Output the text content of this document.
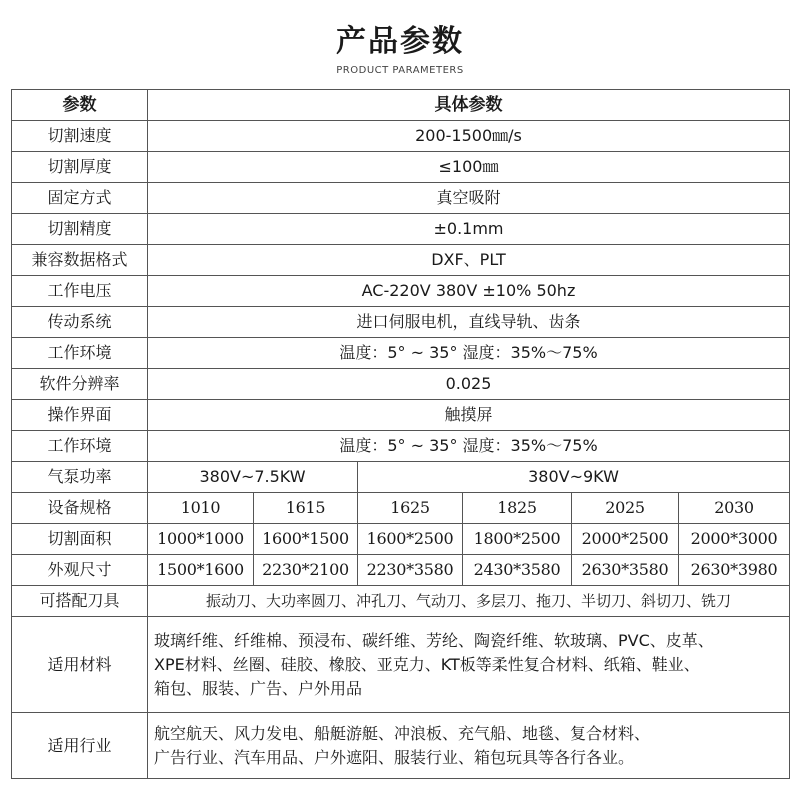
产品参数
PRODUCT PARAMETERS
参数	具体参数					
切割速度	200-1500㎜/s					
切割厚度	≤100㎜					
固定方式	真空吸附					
切割精度	±0.1mm					
兼容数据格式	DXF、PLT					
工作电压	AC-220V 380V ±10% 50hz					
传动系统	进口伺服电机，直线导轨、齿条					
工作环境	温度：5° ~ 35° 湿度：35%～75%					
软件分辨率	0.025					
操作界面	触摸屏					
工作环境	温度：5° ~ 35° 湿度：35%～75%					
气泵功率	380V~7.5KW		380V~9KW			
设备规格	1010	1615	1625	1825	2025	2030
切割面积	1000*1000	1600*1500	1600*2500	1800*2500	2000*2500	2000*3000
外观尺寸	1500*1600	2230*2100	2230*3580	2430*3580	2630*3580	2630*3980
可搭配刀具	振动刀、大功率圆刀、冲孔刀、气动刀、多层刀、拖刀、半切刀、斜切刀、铣刀					
适用材料	玻璃纤维、纤维棉、预浸布、碳纤维、芳纶、陶瓷纤维、软玻璃、PVC、皮革、
XPE材料、丝圈、硅胶、橡胶、亚克力、KT板等柔性复合材料、纸箱、鞋业、
箱包、服装、广告、户外用品					

适用行业	航空航天、风力发电、船艇游艇、冲浪板、充气船、地毯、复合材料、
广告行业、汽车用品、户外遮阳、服装行业、箱包玩具等各行各业。					
